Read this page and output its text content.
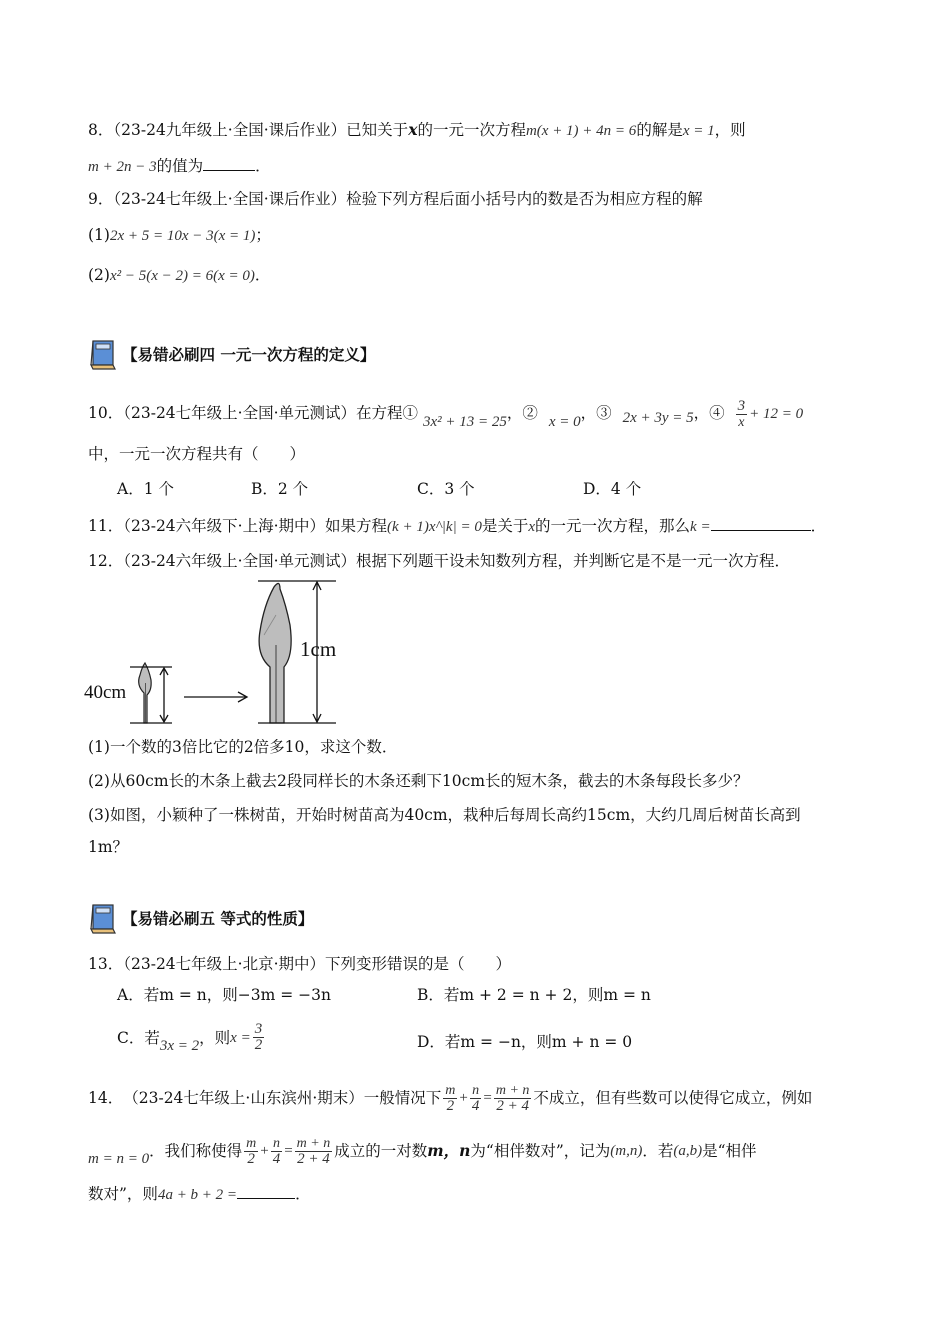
8．（23-24九年级上·全国·课后作业）已知关于x的一元一次方程m(x + 1) + 4n = 6的解是x = 1，则
m + 2n − 3的值为	．
9．（23-24七年级上·全国·课后作业）检验下列方程后面小括号内的数是否为相应方程的解
(1)2x + 5 = 10x − 3(x = 1)；
(2)x² − 5(x − 2) = 6(x = 0)．
【易错必刷四 一元一次方程的定义】
10．（23-24七年级上·全国·单元测试）在方程① 3x² + 13 = 25，② x = 0，③ 2x + 3y = 5，④ $\frac{3}{x} + 12 = 0$
中，一元一次方程共有（　　）
A．1 个	B．2 个	C．3 个	D．4 个
11．（23-24六年级下·上海·期中）如果方程(k + 1)x^|k| = 0是关于x的一元一次方程，那么k =	．
12．（23-24六年级上·全国·单元测试）根据下列题干设未知数列方程，并判断它是不是一元一次方程．
40cm
1cm
(1)一个数的3倍比它的2倍多10，求这个数．
(2)从60cm长的木条上截去2段同样长的木条还剩下10cm长的短木条，截去的木条每段长多少？
(3)如图，小颖种了一株树苗，开始时树苗高为40cm，栽种后每周长高约15cm，大约几周后树苗长高到
1m？
【易错必刷五 等式的性质】
13．（23-24七年级上·北京·期中）下列变形错误的是（　　）
A．若m = n，则−3m = −3n	B．若m + 2 = n + 2，则m = n
C．若 3x = 2 ，则 $x = \frac{3}{2}$	D．若m = −n，则m + n = 0
14． （23-24七年级上·山东滨州·期末） 一般情况下 $\frac{m}{2} + \frac{n}{4} = \frac{m + n}{2 + 4}$ 不成立，但有些数可以使得它成立，例如
m = n = 0 ．我们称使得 $\frac{m}{2} + \frac{n}{4} = \frac{m + n}{2 + 4}$ 成立的一对数 m，n 为“相伴数对”，记为 (m,n) ．若 (a,b) 是“相伴
数对”，则4a + b + 2 =	．
